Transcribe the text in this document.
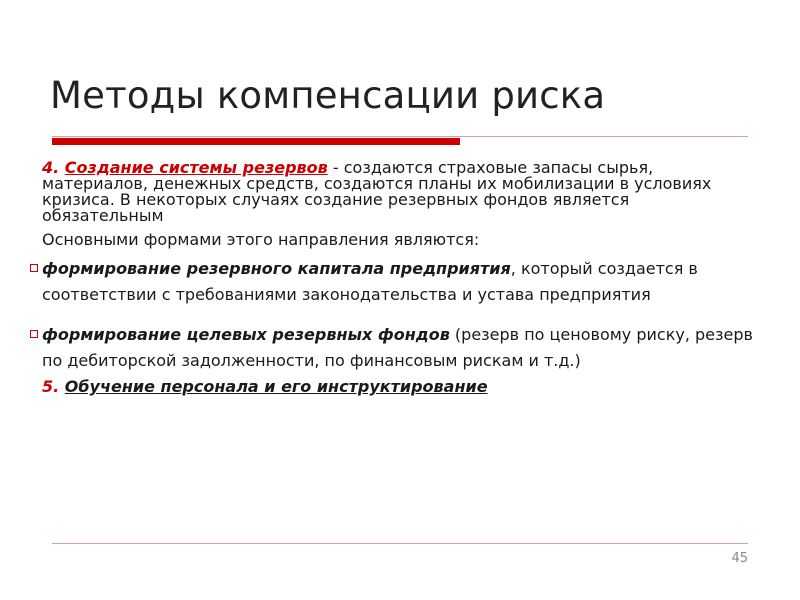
Методы компенсации риска
4. Создание системы резервов - создаются страховые запасы сырья, материалов, денежных средств, создаются планы их мобилизации в условиях кризиса. В некоторых случаях создание резервных фондов является обязательным
Основными формами этого направления являются:
формирование резервного капитала предприятия, который создается в соответствии с требованиями законодательства и устава предприятия
формирование целевых резервных фондов (резерв по ценовому риску, резерв по дебиторской задолженности, по финансовым рискам и т.д.)
5. Обучение персонала и его инструктирование
45
